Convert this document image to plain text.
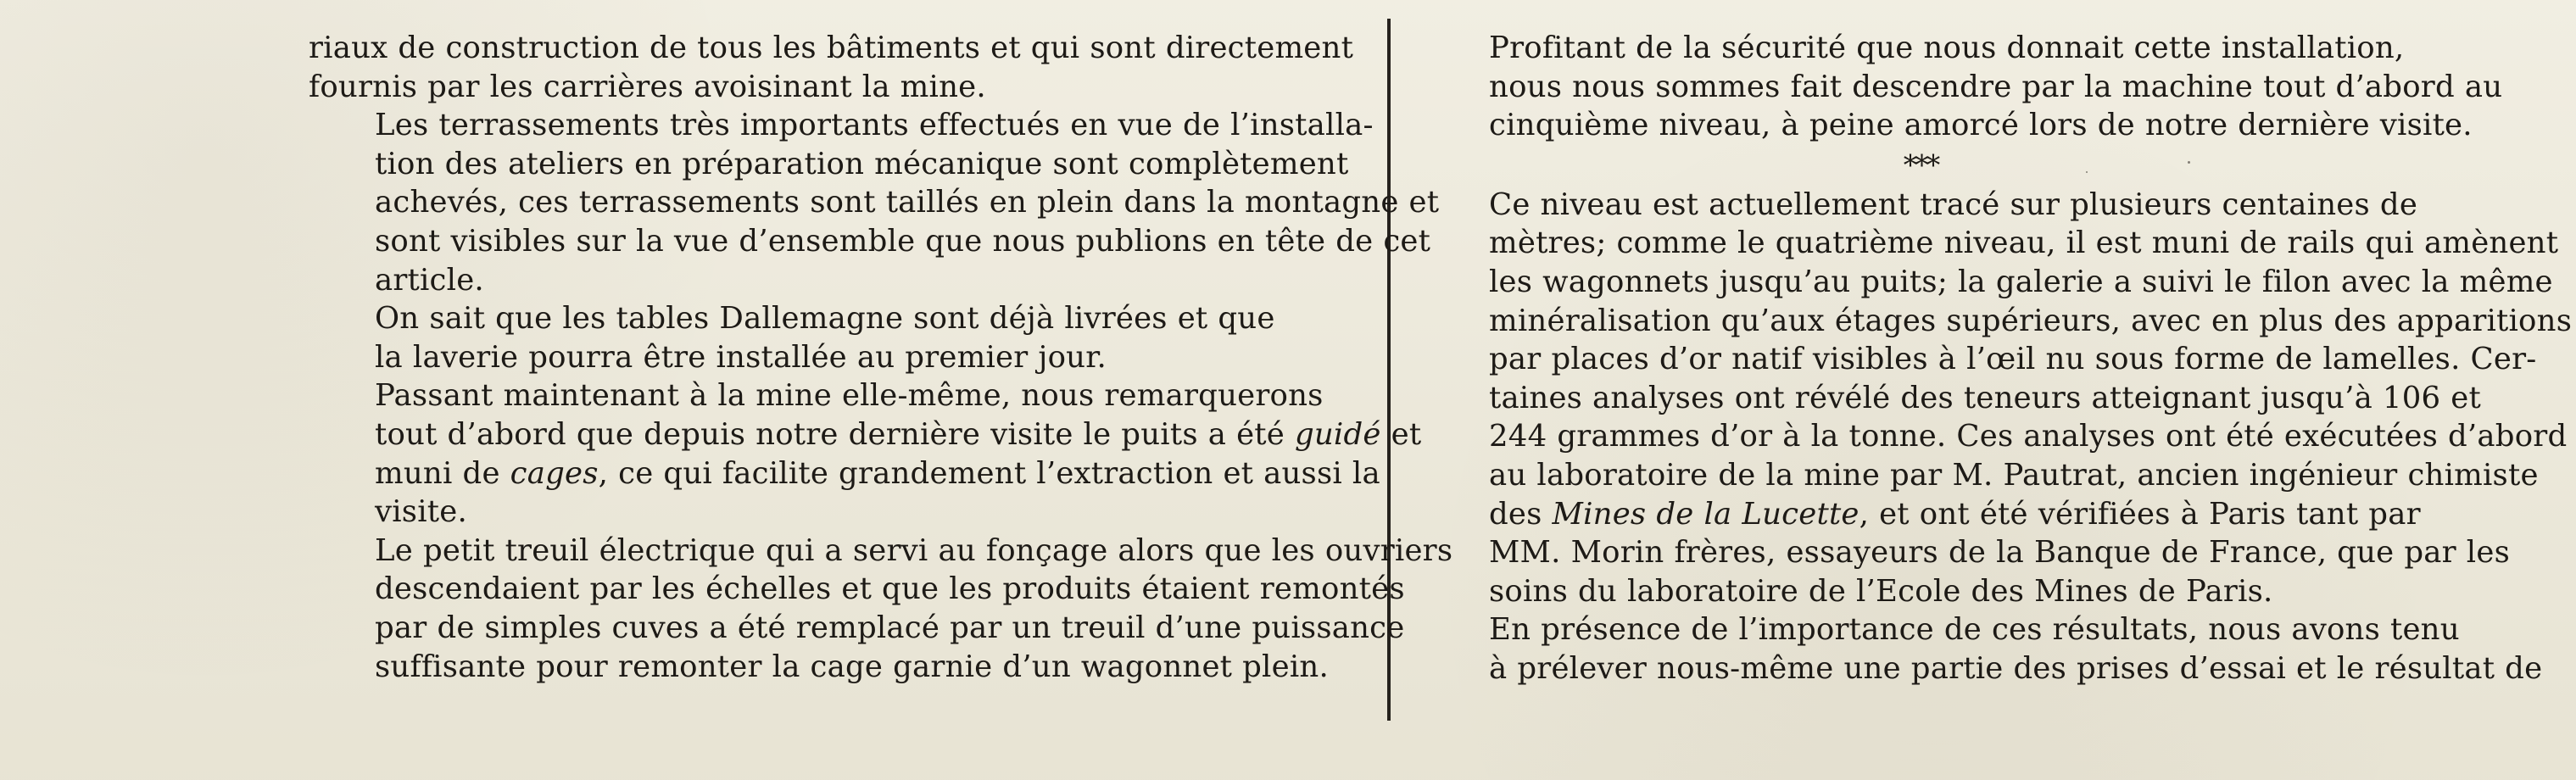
riaux de construction de tous les bâtiments et qui sont directement
fournis par les carrières avoisinant la mine.

Les terrassements très importants effectués en vue de l’installa-
tion des ateliers en préparation mécanique sont complètement
achevés, ces terrassements sont taillés en plein dans la montagne et
sont visibles sur la vue d’ensemble que nous publions en tête de cet
article.

On sait que les tables Dallemagne sont déjà livrées et que
la laverie pourra être installée au premier jour.

Passant maintenant à la mine elle-même, nous remarquerons
tout d’abord que depuis notre dernière visite le puits a été guidé et
muni de cages, ce qui facilite grandement l’extraction et aussi la
visite.

Le petit treuil électrique qui a servi au fonçage alors que les ouvriers
descendaient par les échelles et que les produits étaient remontés
par de simples cuves a été remplacé par un treuil d’une puissance
suffisante pour remonter la cage garnie d’un wagonnet plein.

Profitant de la sécurité que nous donnait cette installation,
nous nous sommes fait descendre par la machine tout d’abord au
cinquième niveau, à peine amorcé lors de notre dernière visite.

***

Ce niveau est actuellement tracé sur plusieurs centaines de
mètres; comme le quatrième niveau, il est muni de rails qui amènent
les wagonnets jusqu’au puits; la galerie a suivi le filon avec la même
minéralisation qu’aux étages supérieurs, avec en plus des apparitions
par places d’or natif visibles à l’œil nu sous forme de lamelles. Cer-
taines analyses ont révélé des teneurs atteignant jusqu’à 106 et
244 grammes d’or à la tonne. Ces analyses ont été exécutées d’abord
au laboratoire de la mine par M. Pautrat, ancien ingénieur chimiste
des Mines de la Lucette, et ont été vérifiées à Paris tant par
MM. Morin frères, essayeurs de la Banque de France, que par les
soins du laboratoire de l’Ecole des Mines de Paris.

En présence de l’importance de ces résultats, nous avons tenu
à prélever nous-même une partie des prises d’essai et le résultat de
